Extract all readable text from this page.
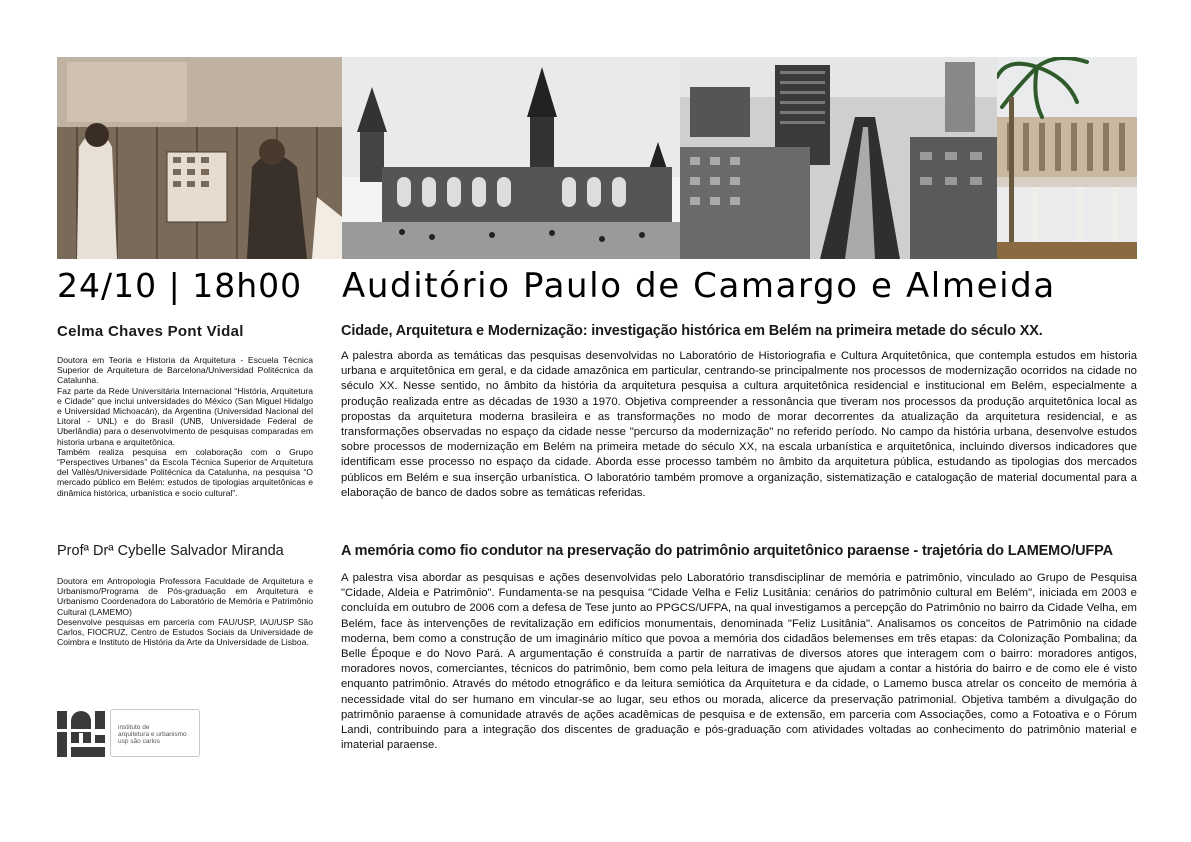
24/10 | 18h00 Auditório Paulo de Camargo e Almeida
Celma Chaves Pont Vidal

Doutora em Teoria e Historia da Arquitetura - Escuela Técnica Superior de Arquitetura de Barcelona/Universidad Politécnica da Catalunha.

Faz parte da Rede Universitária Internacional “História, Arquitetura e Cidade” que inclui universidades do México (San Miguel Hidalgo e Universidad Michoacán), da Argentina (Universidad Nacional del Litoral - UNL) e do Brasil (UNB, Universidade Federal de Uberlândia) para o desenvolvimento de pesquisas comparadas em historia urbana e arquitetônica.

Também realiza pesquisa em colaboração com o Grupo “Perspectives Urbanes” da Escola Técnica Superior de Arquitetura del Vallès/Universidade Politécnica da Catalunha, na pesquisa “O mercado público em Belém: estudos de tipologias arquitetônicas e dinâmica histórica, urbanística e socio cultural”.

Cidade, Arquitetura e Modernização: investigação histórica em Belém na primeira metade do século XX.
A palestra aborda as temáticas das pesquisas desenvolvidas no Laboratório de Historiografia e Cultura Arquitetônica, que contempla estudos em historia urbana e arquitetônica em geral, e da cidade amazônica em particular, centrando-se principalmente nos processos de modernização ocorridos na cidade no século XX. Nesse sentido, no âmbito da história da arquitetura pesquisa a cultura arquitetônica residencial e institucional em Belém, especialmente a produção realizada entre as décadas de 1930 a 1970. Objetiva compreender a ressonância que tiveram nos processos da produção arquitetônica local as propostas da arquitetura moderna brasileira e as transformações no modo de morar decorrentes da atualização da arquitetura residencial, e as transformações observadas no espaço da cidade nesse "percurso da modernização" no referido período. No campo da história urbana, desenvolve estudos sobre processos de modernização em Belém na primeira metade do século XX, na escala urbanística e arquitetônica, incluindo diversos indicadores que identificam esse processo no espaço da cidade. Aborda esse processo também no âmbito da arquitetura pública, estudando as tipologias dos mercados públicos em Belém e sua inserção urbanística. O laboratório também promove a organização, sistematização e catalogação de material documental para a elaboração de banco de dados sobre as temáticas referidas.
Profª Drª Cybelle Salvador Miranda

Doutora em Antropologia Professora Faculdade de Arquitetura e Urbanismo/Programa de Pós-graduação em Arquitetura e Urbanismo Coordenadora do Laboratório de Memória e Patrimônio Cultural (LAMEMO)

Desenvolve pesquisas em parceria com FAU/USP, IAU/USP São Carlos, FIOCRUZ, Centro de Estudos Sociais da Universidade de Coimbra e Instituto de História da Arte da Universidade de Lisboa.

A memória como fio condutor na preservação do patrimônio arquitetônico paraense - trajetória do LAMEMO/UFPA
A palestra visa abordar as pesquisas e ações desenvolvidas pelo Laboratório transdisciplinar de memória e patrimônio, vinculado ao Grupo de Pesquisa "Cidade, Aldeia e Patrimônio". Fundamenta-se na pesquisa "Cidade Velha e Feliz Lusitânia: cenários do patrimônio cultural em Belém", iniciada em 2003 e concluída em outubro de 2006 com a defesa de Tese junto ao PPGCS/UFPA, na qual investigamos a percepção do Patrimônio no bairro da Cidade Velha, em Belém, face às intervenções de revitalização em edifícios monumentais, denominada "Feliz Lusitânia". Analisamos os conceitos de Patrimônio na cidade moderna, bem como a construção de um imaginário mítico que povoa a memória dos cidadãos belemenses em três etapas: da Colonização Pombalina; da Belle Époque e do Novo Pará. A argumentação é construída a partir de narrativas de diversos atores que interagem com o bairro: moradores antigos, moradores novos, comerciantes, técnicos do patrimônio, bem como pela leitura de imagens que ajudam a contar a história do bairro e de como ele é visto enquanto patrimônio. Através do método etnográfico e da leitura semiótica da Arquitetura e da cidade, o Lamemo busca atrelar os conceito de memória à necessidade vital do ser humano em vincular-se ao lugar, seu ethos ou morada, alicerce da preservação patrimonial. Objetiva também a divulgação do patrimônio paraense à comunidade através de ações acadêmicas de pesquisa e de extensão, em parceria com Associações, como a Fotoativa e o Fórum Landi, contribuindo para a integração dos discentes de graduação e pós-graduação com atividades voltadas ao conhecimento do patrimônio material e imaterial paraense.
instituto de
arquitetura e urbanismo
usp são carlos
